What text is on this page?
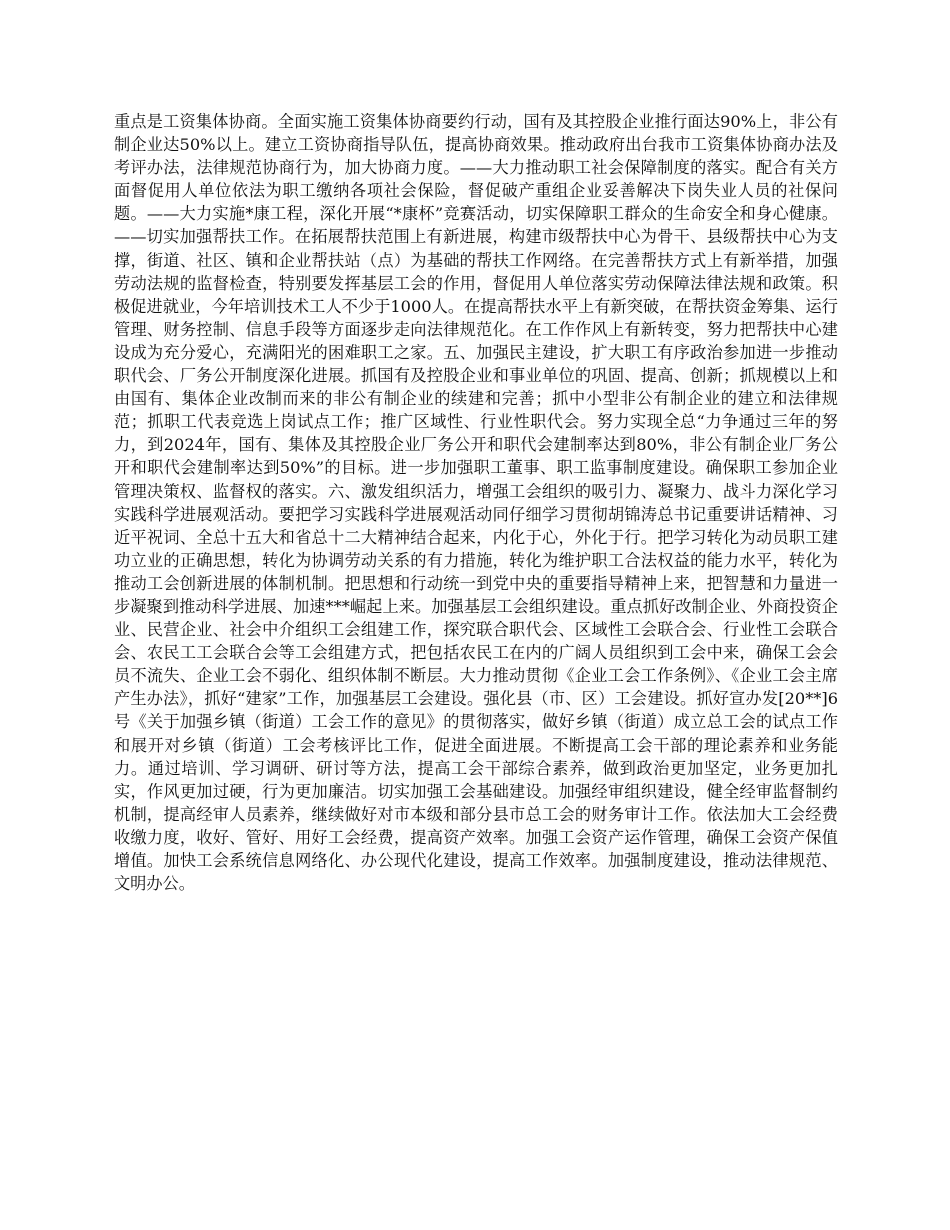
重点是工资集体协商。全面实施工资集体协商要约行动，国有及其控股企业推行面达90%上，非公有制企业达50%以上。建立工资协商指导队伍，提高协商效果。推动政府出台我市工资集体协商办法及考评办法，法律规范协商行为，加大协商力度。——大力推动职工社会保障制度的落实。配合有关方面督促用人单位依法为职工缴纳各项社会保险，督促破产重组企业妥善解决下岗失业人员的社保问题。——大力实施*康工程，深化开展“*康杯”竞赛活动，切实保障职工群众的生命安全和身心健康。——切实加强帮扶工作。在拓展帮扶范围上有新进展，构建市级帮扶中心为骨干、县级帮扶中心为支撑，街道、社区、镇和企业帮扶站（点）为基础的帮扶工作网络。在完善帮扶方式上有新举措，加强劳动法规的监督检查，特别要发挥基层工会的作用，督促用人单位落实劳动保障法律法规和政策。积极促进就业，今年培训技术工人不少于1000人。在提高帮扶水平上有新突破，在帮扶资金筹集、运行管理、财务控制、信息手段等方面逐步走向法律规范化。在工作作风上有新转变，努力把帮扶中心建设成为充分爱心，充满阳光的困难职工之家。五、加强民主建设，扩大职工有序政治参加进一步推动职代会、厂务公开制度深化进展。抓国有及控股企业和事业单位的巩固、提高、创新；抓规模以上和由国有、集体企业改制而来的非公有制企业的续建和完善；抓中小型非公有制企业的建立和法律规范；抓职工代表竞选上岗试点工作；推广区域性、行业性职代会。努力实现全总“力争通过三年的努力，到2024年，国有、集体及其控股企业厂务公开和职代会建制率达到80%，非公有制企业厂务公开和职代会建制率达到50%”的目标。进一步加强职工董事、职工监事制度建设。确保职工参加企业管理决策权、监督权的落实。六、激发组织活力，增强工会组织的吸引力、凝聚力、战斗力深化学习实践科学进展观活动。要把学习实践科学进展观活动同仔细学习贯彻胡锦涛总书记重要讲话精神、习近平祝词、全总十五大和省总十二大精神结合起来，内化于心，外化于行。把学习转化为动员职工建功立业的正确思想，转化为协调劳动关系的有力措施，转化为维护职工合法权益的能力水平，转化为推动工会创新进展的体制机制。把思想和行动统一到党中央的重要指导精神上来，把智慧和力量进一步凝聚到推动科学进展、加速***崛起上来。加强基层工会组织建设。重点抓好改制企业、外商投资企业、民营企业、社会中介组织工会组建工作，探究联合职代会、区域性工会联合会、行业性工会联合会、农民工工会联合会等工会组建方式，把包括农民工在内的广阔人员组织到工会中来，确保工会会员不流失、企业工会不弱化、组织体制不断层。大力推动贯彻《企业工会工作条例》、《企业工会主席产生办法》，抓好“建家”工作，加强基层工会建设。强化县（市、区）工会建设。抓好宣办发[20**]6号《关于加强乡镇（街道）工会工作的意见》的贯彻落实，做好乡镇（街道）成立总工会的试点工作和展开对乡镇（街道）工会考核评比工作，促进全面进展。不断提高工会干部的理论素养和业务能力。通过培训、学习调研、研讨等方法，提高工会干部综合素养，做到政治更加坚定，业务更加扎实，作风更加过硬，行为更加廉洁。切实加强工会基础建设。加强经审组织建设，健全经审监督制约机制，提高经审人员素养，继续做好对市本级和部分县市总工会的财务审计工作。依法加大工会经费收缴力度，收好、管好、用好工会经费，提高资产效率。加强工会资产运作管理，确保工会资产保值增值。加快工会系统信息网络化、办公现代化建设，提高工作效率。加强制度建设，推动法律规范、文明办公。
